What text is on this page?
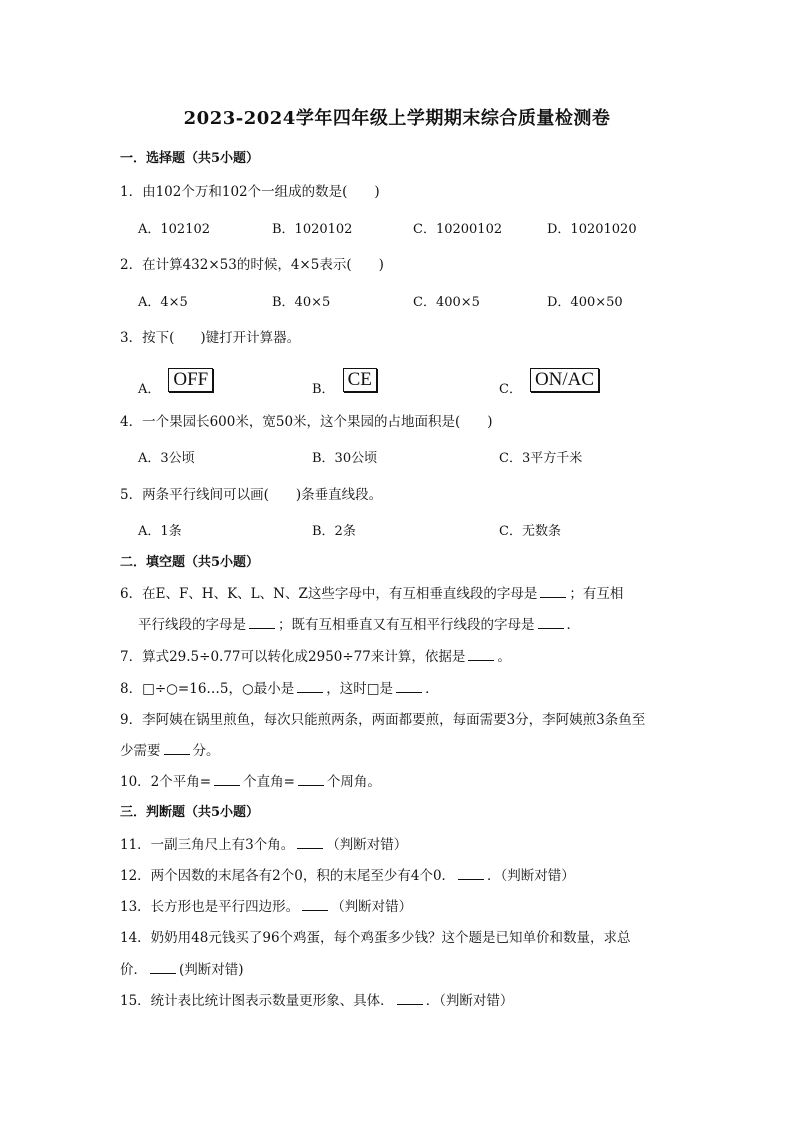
2023-2024学年四年级上学期期末综合质量检测卷
一．选择题（共5小题）
1．由102个万和102个一组成的数是(　　)
A．102102	B．1020102	C．10200102	D．10201020
2．在计算432×53的时候，4×5表示(　　)
A．4×5	B．40×5	C．400×5	D．400×50
3．按下( )键打开计算器。
A． OFF	B． CE	C． ON/AC
4．一个果园长600米，宽50米，这个果园的占地面积是(　　)
A．3公顷	B．30公顷	C．3平方千米
5．两条平行线间可以画(　　)条垂直线段。
A．1条	B．2条	C．无数条
二．填空题（共5小题）
6．在E、F、H、K、L、N、Z这些字母中，有互相垂直线段的字母是 ；有互相
平行线段的字母是 ；既有互相垂直又有互相平行线段的字母是 ．
7．算式29.5÷0.77可以转化成2950÷77来计算，依据是 。
8．□÷○=16…5，○最小是 ，这时□是 ．
9．李阿姨在锅里煎鱼，每次只能煎两条，两面都要煎，每面需要3分，李阿姨煎3条鱼至
少需要 分。
10．2个平角= 个直角= 个周角。
三．判断题（共5小题）
11．一副三角尺上有3个角。 （判断对错）
12．两个因数的末尾各有2个0，积的末尾至少有4个0． ．（判断对错）
13．长方形也是平行四边形。 （判断对错）
14．奶奶用48元钱买了96个鸡蛋，每个鸡蛋多少钱？这个题是已知单价和数量，求总
价． (判断对错)
15．统计表比统计图表示数量更形象、具体． ．（判断对错）
